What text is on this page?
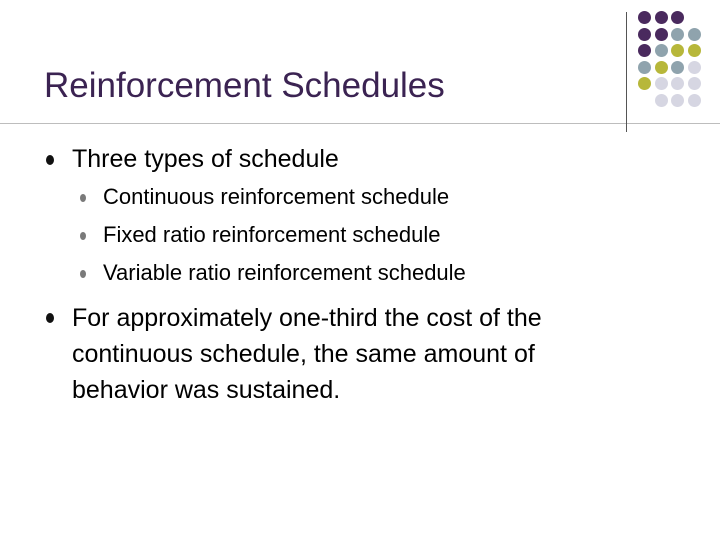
Reinforcement Schedules
Three types of schedule
Continuous reinforcement schedule
Fixed ratio reinforcement schedule
Variable ratio reinforcement schedule
For approximately one-third the cost of the
continuous schedule, the same amount of
behavior was sustained.
